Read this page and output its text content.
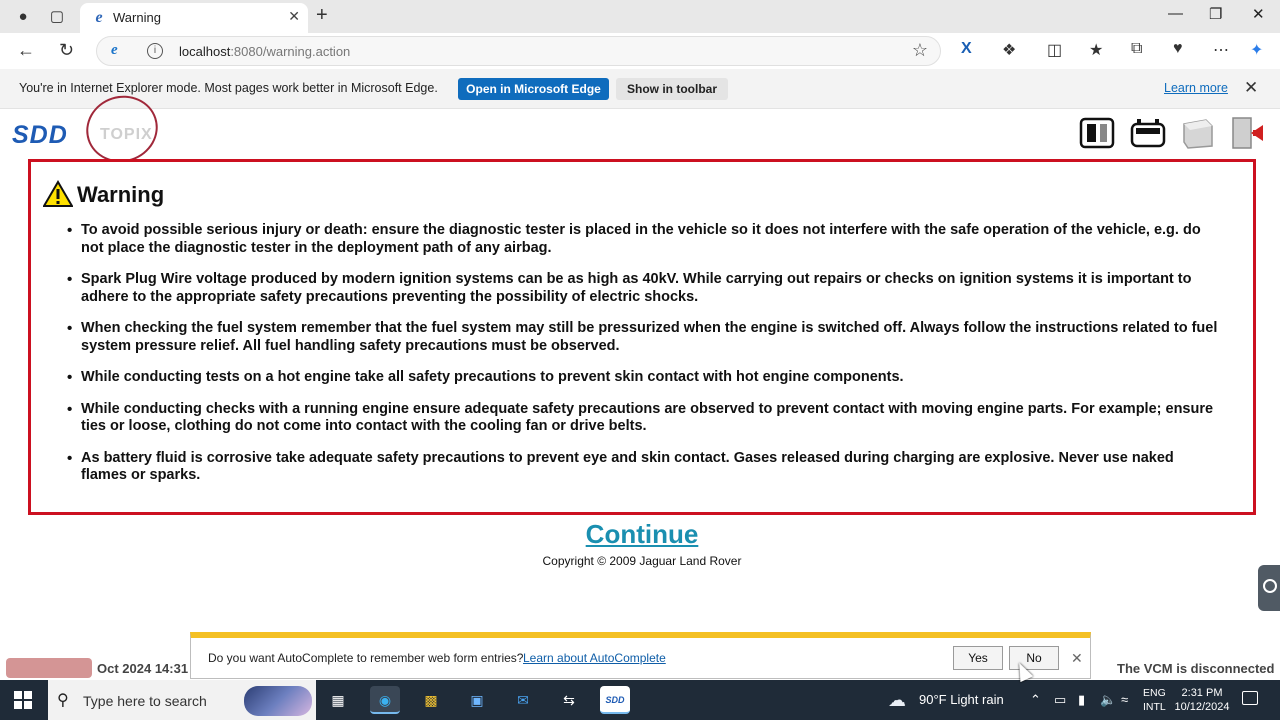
●	▢	e Warning	✕ +	— ❐ ✕
← ↻ e	i	localhost:8080/warning.action	☆ X ❖ ◫ ★ ⧉ ♥ ⋯ ✦
You're in Internet Explorer mode. Most pages work better in Microsoft Edge.	Open in Microsoft Edge	Show in toolbar	Learn more ✕
SDD TOPIX
Warning
• To avoid possible serious injury or death: ensure the diagnostic tester is placed in the vehicle so it does not interfere with the safe operation of the vehicle, e.g. do not place the diagnostic tester in the deployment path of any airbag.
• Spark Plug Wire voltage produced by modern ignition systems can be as high as 40kV. While carrying out repairs or checks on ignition systems it is important to adhere to the appropriate safety precautions preventing the possibility of electric shocks.
• When checking the fuel system remember that the fuel system may still be pressurized when the engine is switched off. Always follow the instructions related to fuel system pressure relief. All fuel handling safety precautions must be observed.
• While conducting tests on a hot engine take all safety precautions to prevent skin contact with hot engine components.
• While conducting checks with a running engine ensure adequate safety precautions are observed to prevent contact with moving engine parts. For example; ensure ties or loose, clothing do not come into contact with the cooling fan or drive belts.
• As battery fluid is corrosive take adequate safety precautions to prevent eye and skin contact. Gases released during charging are explosive. Never use naked flames or sparks.
Continue
Copyright © 2009 Jaguar Land Rover
Oct 2024 14:31	The VCM is disconnected
Do you want AutoComplete to remember web form entries? Learn about AutoComplete	Yes	No	✕
⚲ Type here to search	▦	◉	▩	▣	✉	⇆	SDD	☁ 90°F Light rain ⌃ ▭ ▮ 🔈 ≈ ENG
INTL
2:31 PM
10/12/2024
